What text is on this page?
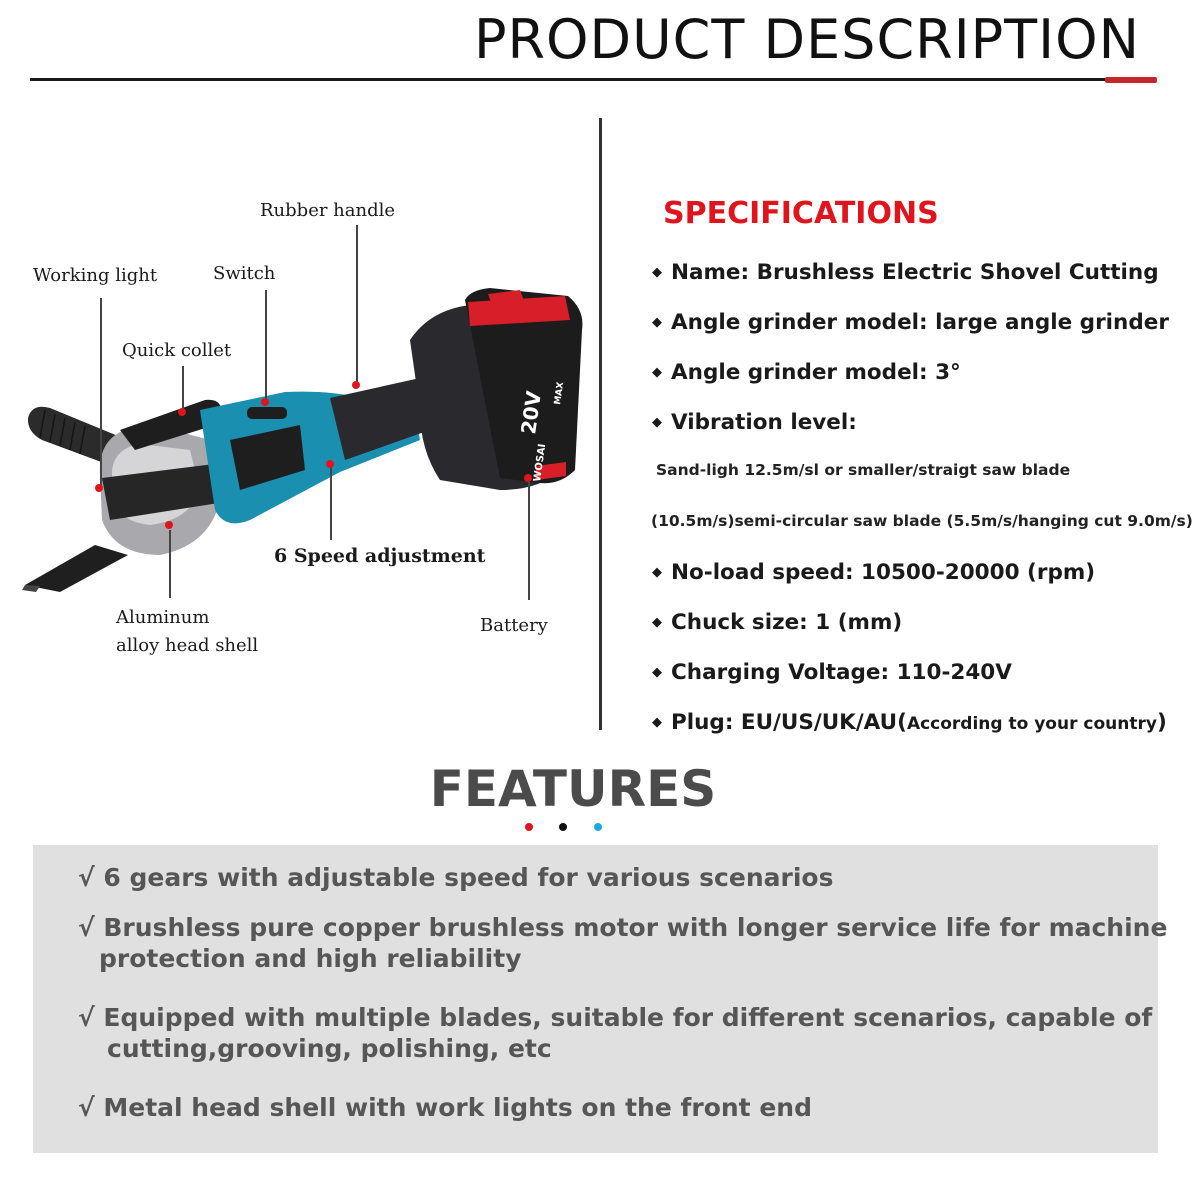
PRODUCT DESCRIPTION
20V MAX
WOSAI
Rubber handle
Working light	Switch
Quick collet
6 Speed adjustment
Aluminum
alloy head shell
Battery
SPECIFICATIONS
◆ Name: Brushless Electric Shovel Cutting
◆ Angle grinder model: large angle grinder
◆ Angle grinder model: 3°
◆ Vibration level:
Sand-ligh 12.5m/sl or smaller/straigt saw blade
(10.5m/s)semi-circular saw blade (5.5m/s/hanging cut 9.0m/s)
◆ No-load speed: 10500-20000 (rpm)
◆ Chuck size: 1 (mm)
◆ Charging Voltage: 110-240V
◆ Plug: EU/US/UK/AU(According to your country)
FEATURES
√ 6 gears with adjustable speed for various scenarios
√ Brushless pure copper brushless motor with longer service life for machine
protection and high reliability
√ Equipped with multiple blades, suitable for different scenarios, capable of
cutting,grooving, polishing, etc
√ Metal head shell with work lights on the front end
